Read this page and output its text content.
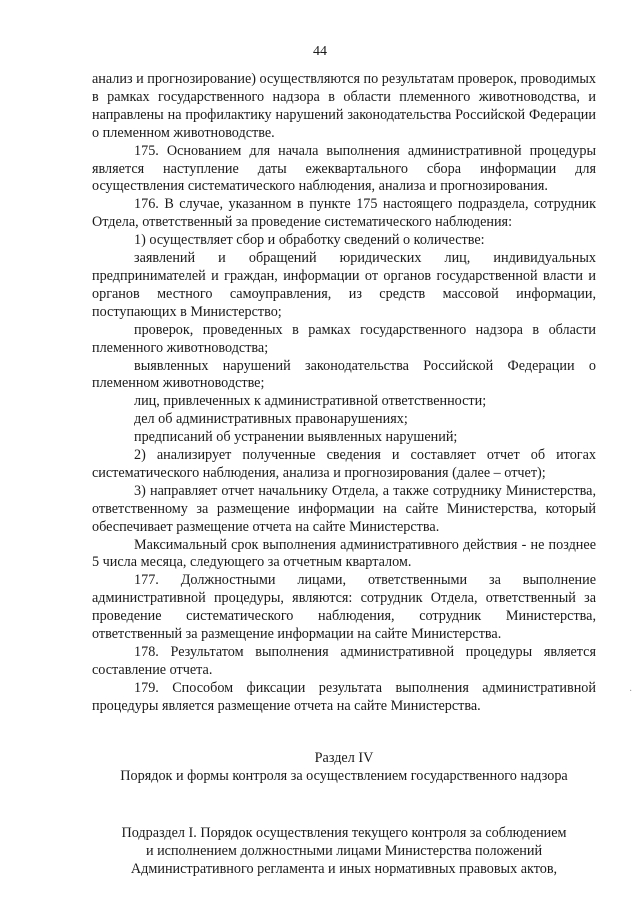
44

анализ и прогнозирование) осуществляются по результатам проверок, проводимых в рамках государственного надзора в области племенного животноводства, и направлены на профилактику нарушений законодательства Российской Федерации о племенном животноводстве.

175. Основанием для начала выполнения административной процедуры является наступление даты ежеквартального сбора информации для осуществления систематического наблюдения, анализа и прогнозирования.

176. В случае, указанном в пункте 175 настоящего подраздела, сотрудник Отдела, ответственный за проведение систематического наблюдения:

1) осуществляет сбор и обработку сведений о количестве:

заявлений и обращений юридических лиц, индивидуальных предпринимателей и граждан, информации от органов государственной власти и органов местного самоуправления, из средств массовой информации, поступающих в Министерство;

проверок, проведенных в рамках государственного надзора в области племенного животноводства;

выявленных нарушений законодательства Российской Федерации о племенном животноводстве;

лиц, привлеченных к административной ответственности;

дел об административных правонарушениях;

предписаний об устранении выявленных нарушений;

2) анализирует полученные сведения и составляет отчет об итогах систематического наблюдения, анализа и прогнозирования (далее – отчет);

3) направляет отчет начальнику Отдела, а также сотруднику Министерства, ответственному за размещение информации на сайте Министерства, который обеспечивает размещение отчета на сайте Министерства.

Максимальный срок выполнения административного действия - не позднее 5 числа месяца, следующего за отчетным кварталом.

177. Должностными лицами, ответственными за выполнение административной процедуры, являются: сотрудник Отдела, ответственный за проведение систематического наблюдения, сотрудник Министерства, ответственный за размещение информации на сайте Министерства.

178. Результатом выполнения административной процедуры является составление отчета.

179. Способом фиксации результата выполнения административной процедуры является размещение отчета на сайте Министерства.

Раздел IV

Порядок и формы контроля за осуществлением государственного надзора

Подраздел I. Порядок осуществления текущего контроля за соблюдением

и исполнением должностными лицами Министерства положений

Административного регламента и иных нормативных правовых актов,

·
